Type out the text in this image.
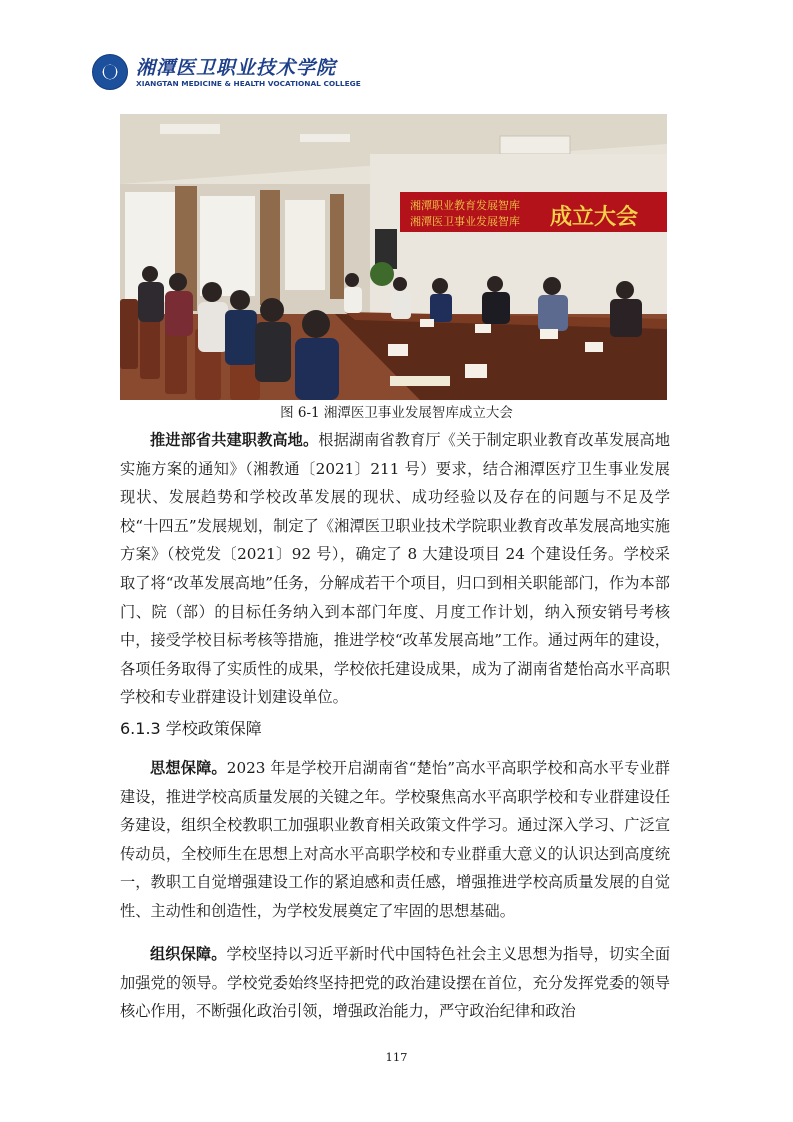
湘潭医卫职业技术学院
XIANGTAN MEDICINE & HEALTH VOCATIONAL COLLEGE
湘潭职业教育发展智库
湘潭医卫事业发展智库 成立大会
图 6-1 湘潭医卫事业发展智库成立大会

推进部省共建职教高地。根据湖南省教育厅《关于制定职业教育改革发展高地实施方案的通知》（湘教通〔2021〕211 号）要求，结合湘潭医疗卫生事业发展现状、发展趋势和学校改革发展的现状、成功经验以及存在的问题与不足及学校“十四五”发展规划，制定了《湘潭医卫职业技术学院职业教育改革发展高地实施方案》（校党发〔2021〕92 号），确定了 8 大建设项目 24 个建设任务。学校采取了将“改革发展高地”任务，分解成若干个项目，归口到相关职能部门，作为本部门、院（部）的目标任务纳入到本部门年度、月度工作计划，纳入预安销号考核中，接受学校目标考核等措施，推进学校“改革发展高地”工作。通过两年的建设，各项任务取得了实质性的成果，学校依托建设成果，成为了湖南省楚怡高水平高职学校和专业群建设计划建设单位。

6.1.3 学校政策保障

思想保障。2023 年是学校开启湖南省“楚怡”高水平高职学校和高水平专业群建设，推进学校高质量发展的关键之年。学校聚焦高水平高职学校和专业群建设任务建设，组织全校教职工加强职业教育相关政策文件学习。通过深入学习、广泛宣传动员，全校师生在思想上对高水平高职学校和专业群重大意义的认识达到高度统一，教职工自觉增强建设工作的紧迫感和责任感，增强推进学校高质量发展的自觉性、主动性和创造性，为学校发展奠定了牢固的思想基础。

组织保障。学校坚持以习近平新时代中国特色社会主义思想为指导，切实全面加强党的领导。学校党委始终坚持把党的政治建设摆在首位，充分发挥党委的领导核心作用，不断强化政治引领，增强政治能力，严守政治纪律和政治

117
